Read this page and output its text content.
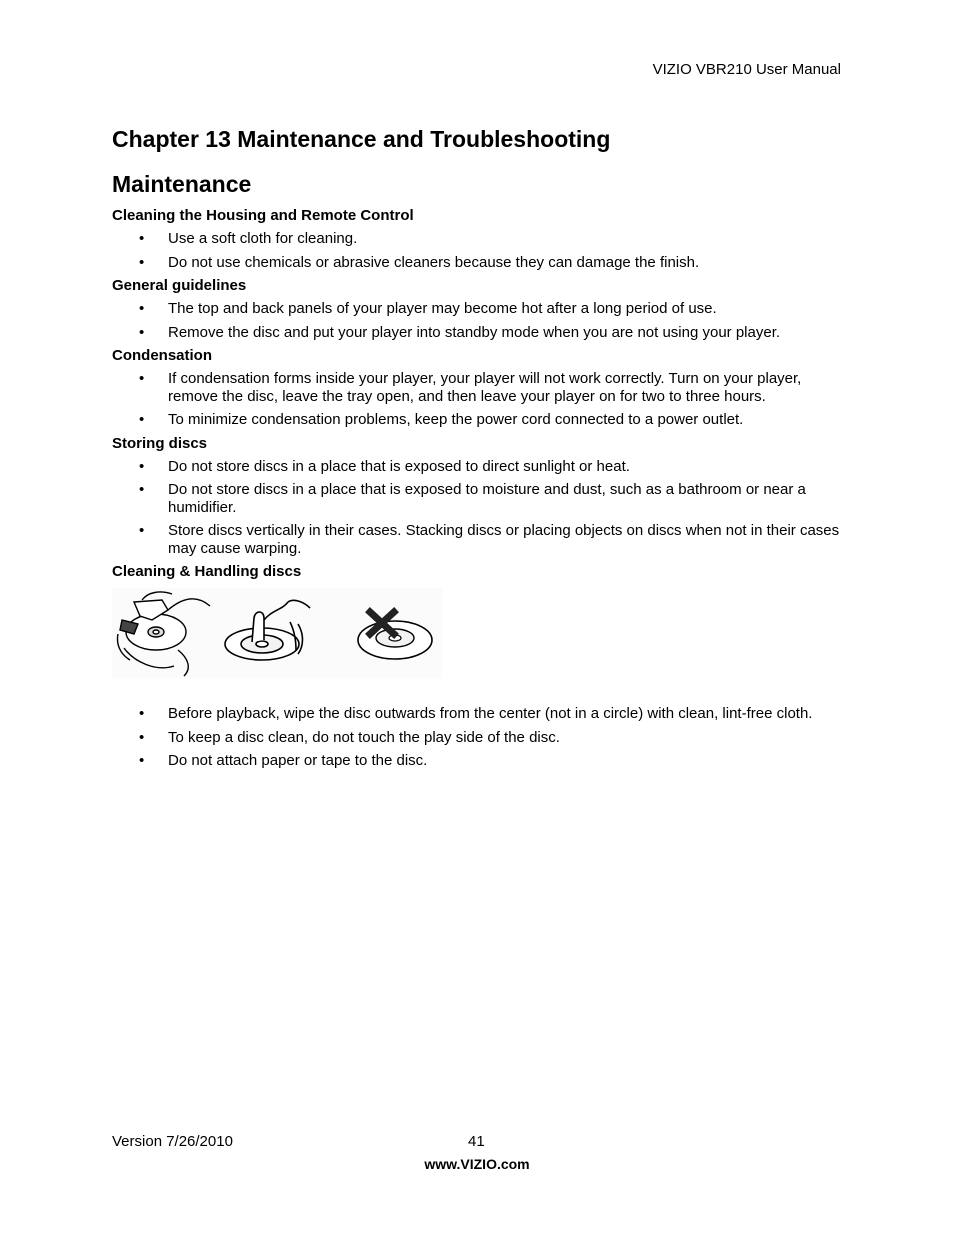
VIZIO VBR210 User Manual
Chapter 13 Maintenance and Troubleshooting
Maintenance
Cleaning the Housing and Remote Control
• Use a soft cloth for cleaning.
• Do not use chemicals or abrasive cleaners because they can damage the finish.
General guidelines
• The top and back panels of your player may become hot after a long period of use.
• Remove the disc and put your player into standby mode when you are not using your player.
Condensation
• If condensation forms inside your player, your player will not work correctly. Turn on your player, remove the disc, leave the tray open, and then leave your player on for two to three hours.
• To minimize condensation problems, keep the power cord connected to a power outlet.
Storing discs
• Do not store discs in a place that is exposed to direct sunlight or heat.
• Do not store discs in a place that is exposed to moisture and dust, such as a bathroom or near a humidifier.
• Store discs vertically in their cases. Stacking discs or placing objects on discs when not in their cases may cause warping.
Cleaning & Handling discs
• Before playback, wipe the disc outwards from the center (not in a circle) with clean, lint-free cloth.
• To keep a disc clean, do not touch the play side of the disc.
• Do not attach paper or tape to the disc.
Version 7/26/2010	41
www.VIZIO.com
